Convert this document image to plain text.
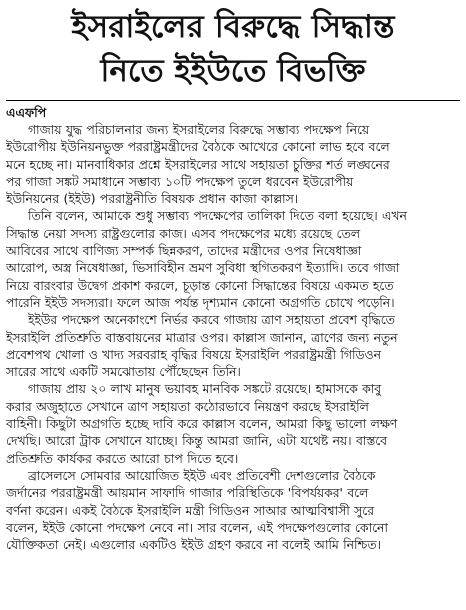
ইসরাইলের বিরুদ্ধে সিদ্ধান্ত
নিতে ইইউতে বিভক্তি
এএফপি
গাজায় যুদ্ধ পরিচালনার জন্য ইসরাইলের বিরুদ্ধে সম্ভাব্য পদক্ষেপ নিয়ে
ইউরোপীয় ইউনিয়নভুক্ত পররাষ্ট্রমন্ত্রীদের বৈঠকে আখেরে কোনো লাভ হবে বলে
মনে হচ্ছে না। মানবাধিকার প্রশ্নে ইসরাইলের সাথে সহায়তা চুক্তির শর্ত লঙ্ঘনের
পর গাজা সঙ্কট সমাধানে সম্ভাব্য ১০টি পদক্ষেপ তুলে ধরবেন ইউরোপীয়
ইউনিয়নের (ইইউ) পররাষ্ট্রনীতি বিষয়ক প্রধান কাজা কাল্লাস।
তিনি বলেন, আমাকে শুধু সম্ভাব্য পদক্ষেপের তালিকা দিতে বলা হয়েছে। এখন
সিদ্ধান্ত নেয়া সদস্য রাষ্ট্রগুলোর কাজ। এসব পদক্ষেপের মধ্যে রয়েছে তেল
আবিবের সাথে বাণিজ্য সম্পর্ক ছিন্নকরণ, তাদের মন্ত্রীদের ওপর নিষেধাজ্ঞা
আরোপ, অস্ত্র নিষেধাজ্ঞা, ভিসাবিহীন ভ্রমণ সুবিধা স্থগিতকরণ ইত্যাদি। তবে গাজা
নিয়ে বারংবার উদ্বেগ প্রকাশ করলে, চূড়ান্ত কোনো সিদ্ধান্তের বিষয়ে একমত হতে
পারেনি ইইউ সদস্যরা। ফলে আজ পর্যন্ত দৃশ্যমান কোনো অগ্রগতি চোখে পড়েনি।
ইইউর পদক্ষেপ অনেকাংশে নির্ভর করবে গাজায় ত্রাণ সহায়তা প্রবেশ বৃদ্ধিতে
ইসরাইলি প্রতিশ্রুতি বাস্তবায়নের মাত্রার ওপর। কাল্লাস জানান, ত্রাণের জন্য নতুন
প্রবেশপথ খোলা ও খাদ্য সরবরাহ বৃদ্ধির বিষয়ে ইসরাইলি পররাষ্ট্রমন্ত্রী গিডিওন
সারের সাথে একটি সমঝোতায় পৌঁছেছেন তিনি।
গাজায় প্রায় ২০ লাখ মানুষ ভয়াবহ মানবিক সঙ্কটে রয়েছে। হামাসকে কাবু
করার অজুহাতে সেখানে ত্রাণ সহায়তা কঠোরভাবে নিয়ন্ত্রণ করছে ইসরাইলি
বাহিনী। কিছুটা অগ্রগতি হচ্ছে দাবি করে কাল্লাস বলেন, আমরা কিছু ভালো লক্ষণ
দেখছি। আরো ট্রাক সেখানে যাচ্ছে। কিন্তু আমরা জানি, এটা যথেষ্ট নয়। বাস্তবে
প্রতিশ্রুতি কার্যকর করতে আরো চাপ দিতে হবে।
ব্রাসেলসে সোমবার আয়োজিত ইইউ এবং প্রতিবেশী দেশগুলোর বৈঠকে
জর্দানের পররাষ্ট্রমন্ত্রী আয়মান সাফাদি গাজার পরিস্থিতিকে 'বিপর্যয়কর' বলে
বর্ণনা করেন। একই বৈঠকে ইসরাইলি মন্ত্রী গিডিওন সাআর আত্মবিশ্বাসী সুরে
বলেন, ইইউ কোনো পদক্ষেপ নেবে না। সার বলেন, এই পদক্ষেপগুলোর কোনো
যৌক্তিকতা নেই। এগুলোর একটিও ইইউ গ্রহণ করবে না বলেই আমি নিশ্চিত।
